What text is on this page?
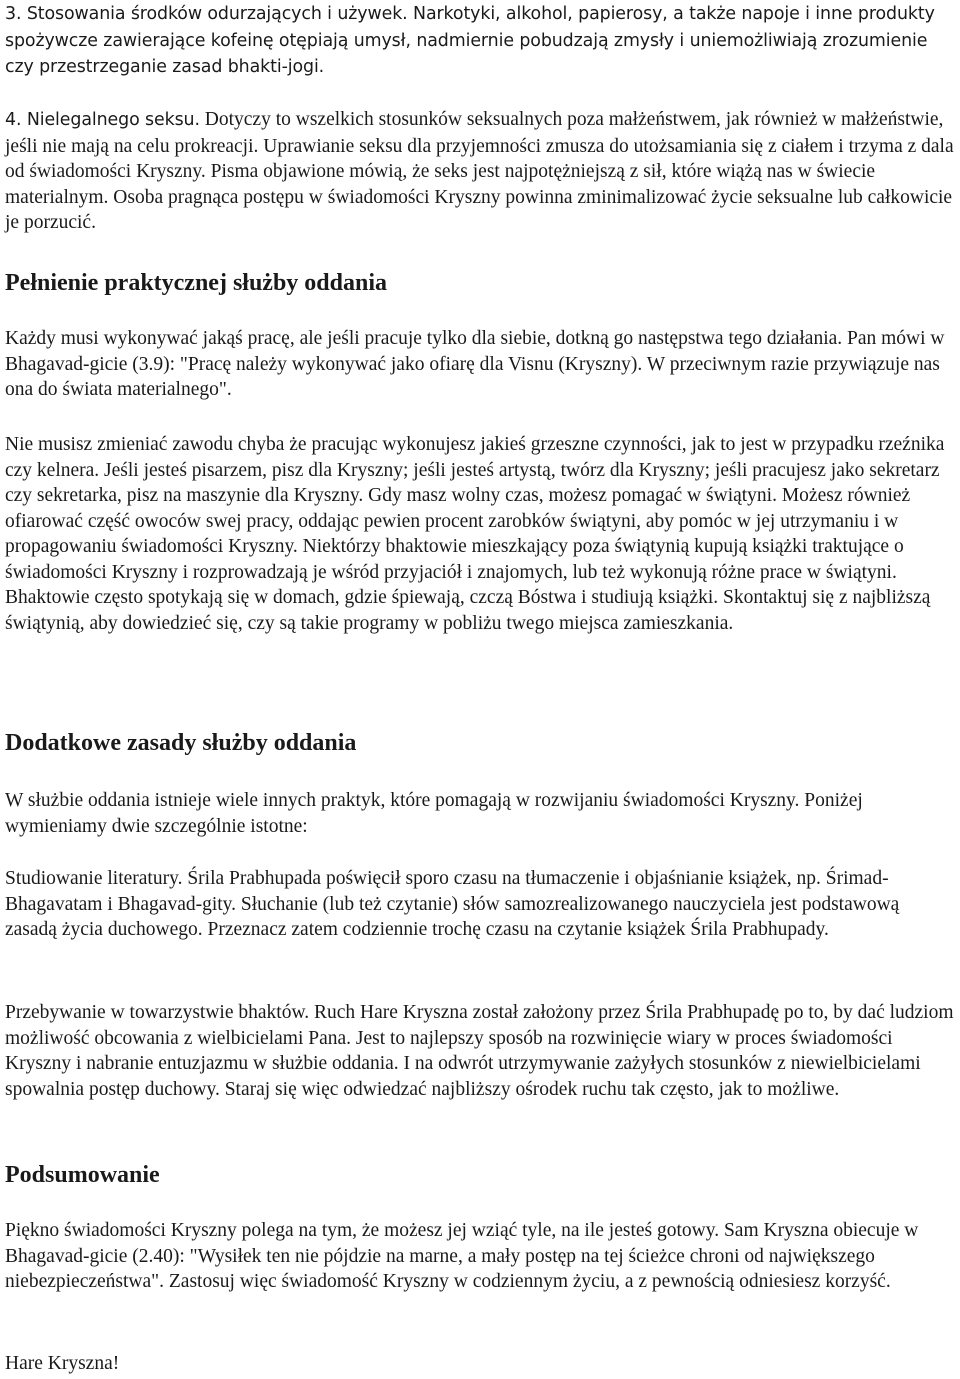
3. Stosowania środków odurzających i używek. Narkotyki, alkohol, papierosy, a także napoje i inne produkty spożywcze zawierające kofeinę otępiają umysł, nadmiernie pobudzają zmysły i uniemożliwiają zrozumienie czy przestrzeganie zasad bhakti-jogi.

4. Nielegalnego seksu. Dotyczy to wszelkich stosunków seksualnych poza małżeństwem, jak również w małżeństwie, jeśli nie mają na celu prokreacji. Uprawianie seksu dla przyjemności zmusza do utożsamiania się z ciałem i trzyma z dala od świadomości Kryszny. Pisma objawione mówią, że seks jest najpotężniejszą z sił, które wiążą nas w świecie materialnym. Osoba pragnąca postępu w świadomości Kryszny powinna zminimalizować życie seksualne lub całkowicie je porzucić.

Pełnienie praktycznej służby oddania

Każdy musi wykonywać jakąś pracę, ale jeśli pracuje tylko dla siebie, dotkną go następstwa tego działania. Pan mówi w Bhagavad-gicie (3.9): "Pracę należy wykonywać jako ofiarę dla Visnu (Kryszny). W przeciwnym razie przywiązuje nas ona do świata materialnego".

Nie musisz zmieniać zawodu chyba że pracując wykonujesz jakieś grzeszne czynności, jak to jest w przypadku rzeźnika czy kelnera. Jeśli jesteś pisarzem, pisz dla Kryszny; jeśli jesteś artystą, twórz dla Kryszny; jeśli pracujesz jako sekretarz czy sekretarka, pisz na maszynie dla Kryszny. Gdy masz wolny czas, możesz pomagać w świątyni. Możesz również ofiarować część owoców swej pracy, oddając pewien procent zarobków świątyni, aby pomóc w jej utrzymaniu i w propagowaniu świadomości Kryszny. Niektórzy bhaktowie mieszkający poza świątynią kupują książki traktujące o świadomości Kryszny i rozprowadzają je wśród przyjaciół i znajomych, lub też wykonują różne prace w świątyni. Bhaktowie często spotykają się w domach, gdzie śpiewają, czczą Bóstwa i studiują książki. Skontaktuj się z najbliższą świątynią, aby dowiedzieć się, czy są takie programy w pobliżu twego miejsca zamieszkania.

Dodatkowe zasady służby oddania

W służbie oddania istnieje wiele innych praktyk, które pomagają w rozwijaniu świadomości Kryszny. Poniżej wymieniamy dwie szczególnie istotne:

Studiowanie literatury. Śrila Prabhupada poświęcił sporo czasu na tłumaczenie i objaśnianie książek, np. Śrimad-Bhagavatam i Bhagavad-gity. Słuchanie (lub też czytanie) słów samozrealizowanego nauczyciela jest podstawową zasadą życia duchowego. Przeznacz zatem codziennie trochę czasu na czytanie książek Śrila Prabhupady.

Przebywanie w towarzystwie bhaktów. Ruch Hare Kryszna został założony przez Śrila Prabhupadę po to, by dać ludziom możliwość obcowania z wielbicielami Pana. Jest to najlepszy sposób na rozwinięcie wiary w proces świadomości Kryszny i nabranie entuzjazmu w służbie oddania. I na odwrót utrzymywanie zażyłych stosunków z niewielbicielami spowalnia postęp duchowy. Staraj się więc odwiedzać najbliższy ośrodek ruchu tak często, jak to możliwe.

Podsumowanie

Piękno świadomości Kryszny polega na tym, że możesz jej wziąć tyle, na ile jesteś gotowy. Sam Kryszna obiecuje w Bhagavad-gicie (2.40): "Wysiłek ten nie pójdzie na marne, a mały postęp na tej ścieżce chroni od największego niebezpieczeństwa". Zastosuj więc świadomość Kryszny w codziennym życiu, a z pewnością odniesiesz korzyść.

Hare Kryszna!
